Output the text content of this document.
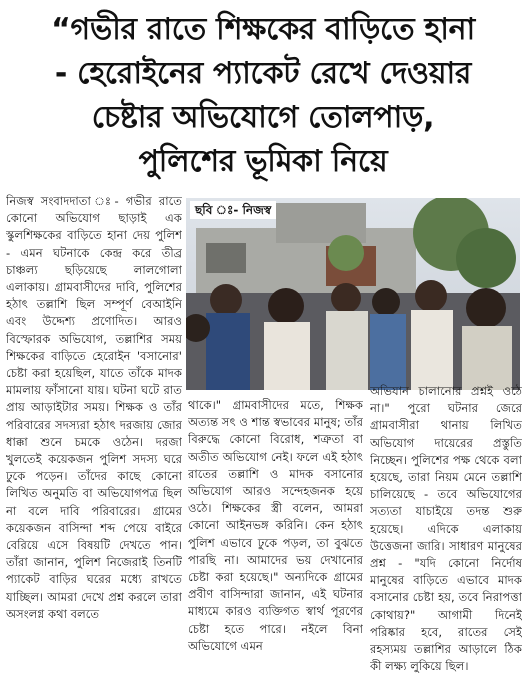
“গভীর রাতে শিক্ষকের বাড়িতে হানা
- হেরোইনের প্যাকেট রেখে দেওয়ার
চেষ্টার অভিযোগে তোলপাড়,
পুলিশের ভূমিকা নিয়ে

নিজস্ব সংবাদদাতা ঃ- গভীর রাতে কোনো অভিযোগ ছাড়াই এক স্কুলশিক্ষকের বাড়িতে হানা দেয় পুলিশ - এমন ঘটনাকে কেন্দ্র করে তীব্র চাঞ্চল্য ছড়িয়েছে লালগোলা এলাকায়। গ্রামবাসীদের দাবি, পুলিশের হঠাৎ তল্লাশি ছিল সম্পূর্ণ বেআইনি এবং উদ্দেশ্য প্রণোদিত। আরও বিস্ফোরক অভিযোগ, তল্লাশির সময় শিক্ষকের বাড়িতে হেরোইন 'বসানোর' চেষ্টা করা হয়েছিল, যাতে তাঁকে মাদক মামলায় ফাঁসানো যায়। ঘটনা ঘটে রাত প্রায় আড়াইটার সময়। শিক্ষক ও তাঁর পরিবারের সদস্যরা হঠাৎ দরজায় জোর ধাক্কা শুনে চমকে ওঠেন। দরজা খুলতেই কয়েকজন পুলিশ সদস্য ঘরে ঢুকে পড়েন। তাঁদের কাছে কোনো লিখিত অনুমতি বা অভিযোগপত্র ছিল না বলে দাবি পরিবারের। গ্রামের কয়েকজন বাসিন্দা শব্দ পেয়ে বাইরে বেরিয়ে এসে বিষয়টি দেখতে পান। তাঁরা জানান, পুলিশ নিজেরাই তিনটি প্যাকেট বাড়ির ঘরের মধ্যে রাখতে যাচ্ছিল। আমরা দেখে প্রশ্ন করলে তারা অসংলগ্ন কথা বলতে

ছবি ঃ- নিজস্ব

থাকে।" গ্রামবাসীদের মতে, শিক্ষক অত্যন্ত সৎ ও শান্ত স্বভাবের মানুষ; তাঁর বিরুদ্ধে কোনো বিরোধ, শত্রুতা বা অতীত অভিযোগ নেই। ফলে এই হঠাৎ রাতের তল্লাশি ও মাদক বসানোর অভিযোগ আরও সন্দেহজনক হয়ে ওঠে। শিক্ষকের স্ত্রী বলেন, আমরা কোনো আইনভঙ্গ করিনি। কেন হঠাৎ পুলিশ এভাবে ঢুকে পড়ল, তা বুঝতে পারছি না। আমাদের ভয় দেখানোর চেষ্টা করা হয়েছে।" অন্যদিকে গ্রামের প্রবীণ বাসিন্দারা জানান, এই ঘটনার মাধ্যমে কারও ব্যক্তিগত স্বার্থ পূরণের চেষ্টা হতে পারে। নইলে বিনা অভিযোগে এমন

অভিযান চালানোর প্রশ্নই ওঠে না।" পুরো ঘটনার জেরে গ্রামবাসীরা থানায় লিখিত অভিযোগ দায়েরের প্রস্তুতি নিচ্ছেন। পুলিশের পক্ষ থেকে বলা হয়েছে, তারা নিয়ম মেনে তল্লাশি চালিয়েছে - তবে অভিযোগের সত্যতা যাচাইয়ে তদন্ত শুরু হয়েছে। এদিকে এলাকায় উত্তেজনা জারি। সাধারণ মানুষের প্রশ্ন - "যদি কোনো নির্দোষ মানুষের বাড়িতে এভাবে মাদক বসানোর চেষ্টা হয়, তবে নিরাপত্তা কোথায়?" আগামী দিনেই পরিষ্কার হবে, রাতের সেই রহস্যময় তল্লাশির আড়ালে ঠিক কী লক্ষ্য লুকিয়ে ছিল।
